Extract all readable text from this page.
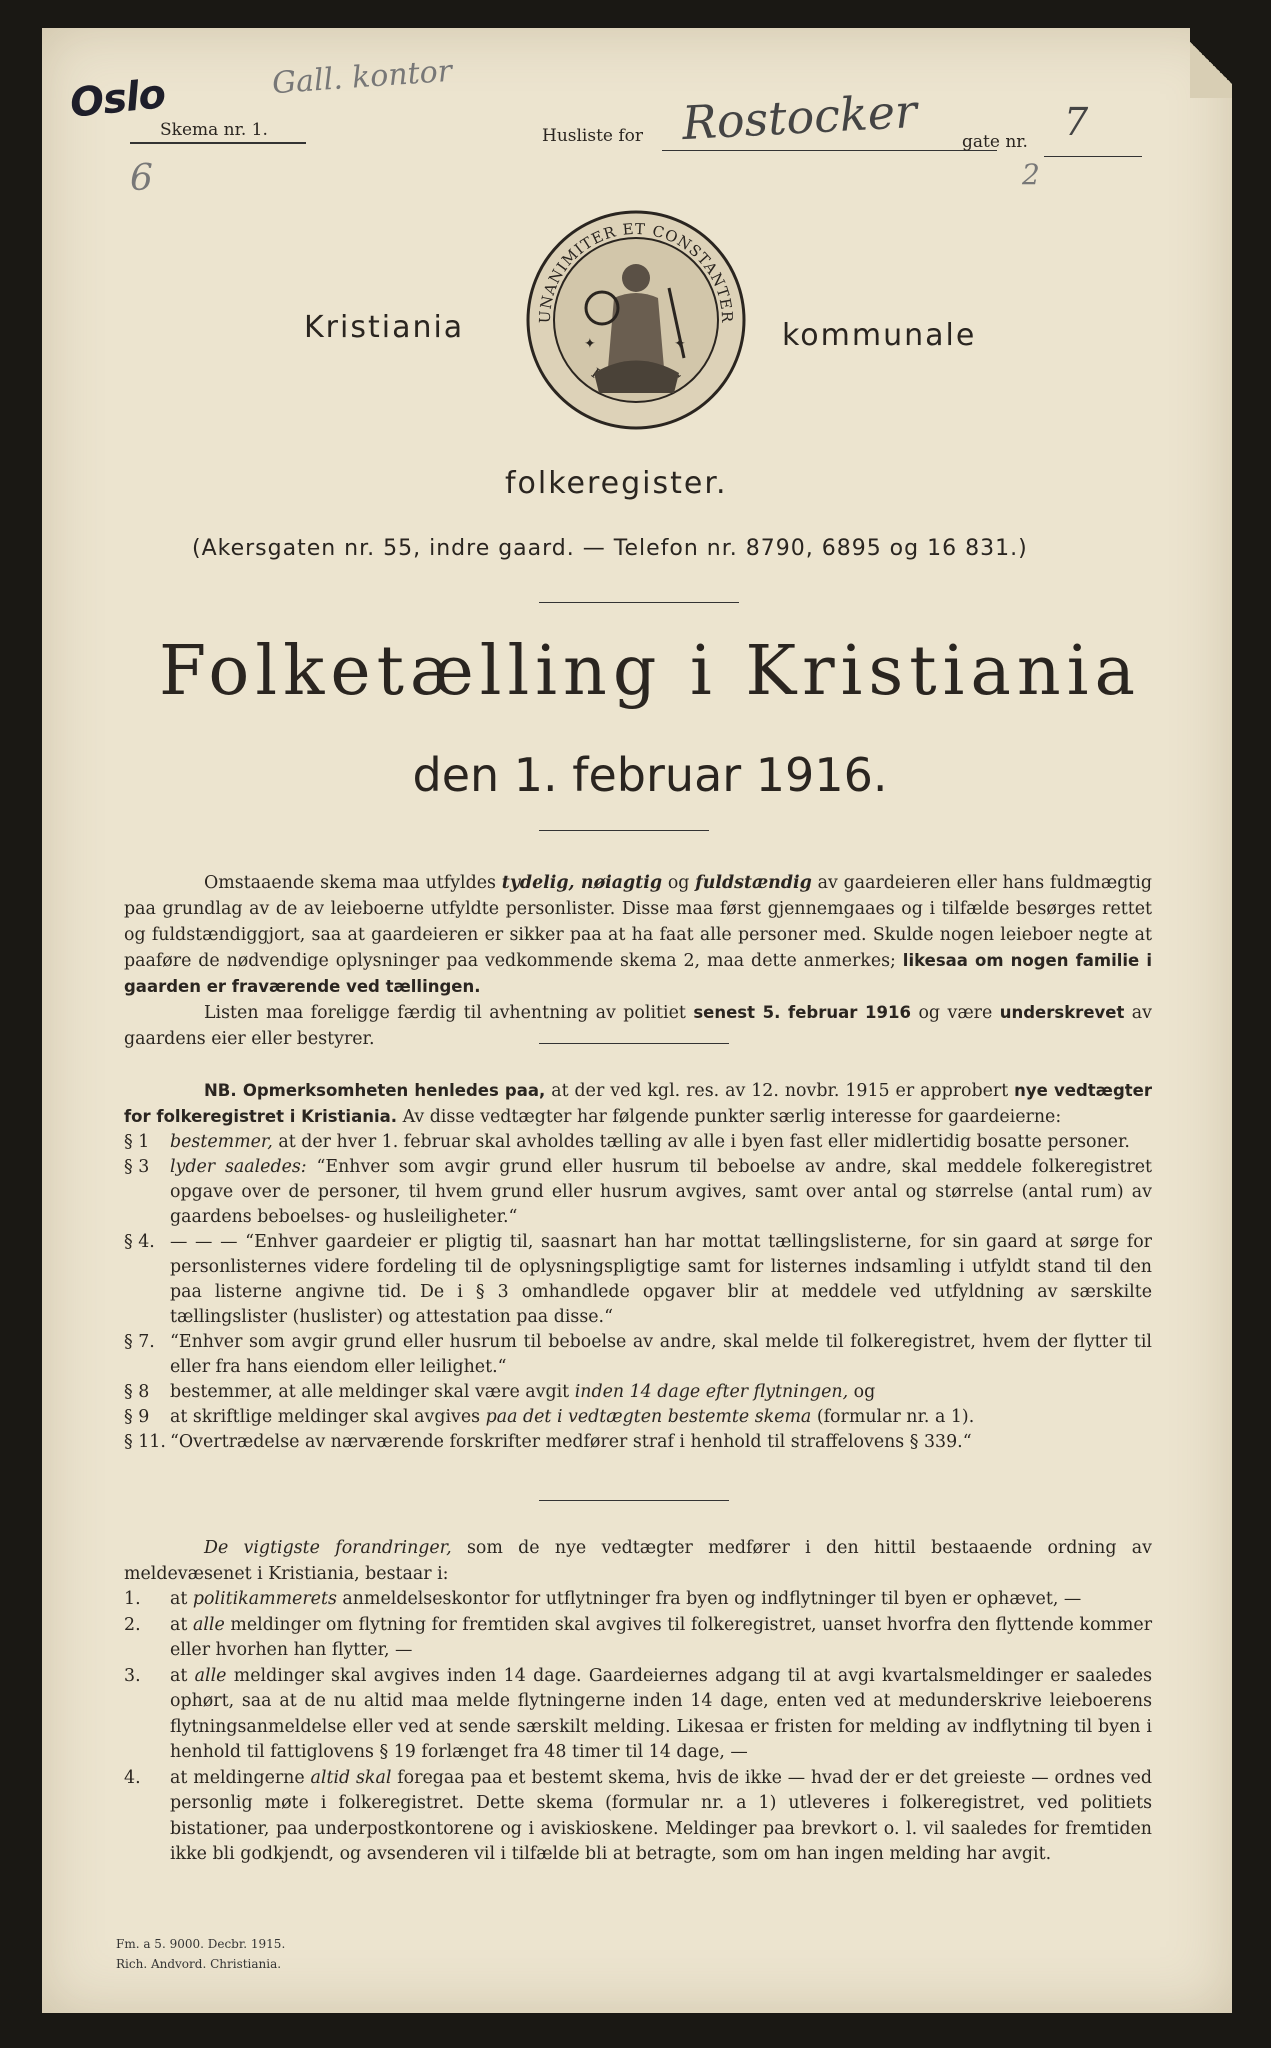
Oslo	Gall. kontor
6	2
Skema nr. 1.	Husliste for Rostocker	gate nr. 7
Kristiania	UNANIMITER ET CONSTANTER
✦	✦	kommunale
folkeregister.
(Akersgaten nr. 55, indre gaard. — Telefon nr. 8790, 6895 og 16 831.)
Folketælling i Kristiania
den 1. februar 1916.

Omstaaende skema maa utfyldes tydelig, nøiagtig og fuldstændig av gaardeieren eller hans fuldmægtig paa grundlag av de av leieboerne utfyldte personlister. Disse maa først gjennemgaaes og i tilfælde besørges rettet og fuldstændiggjort, saa at gaardeieren er sikker paa at ha faat alle personer med. Skulde nogen leieboer negte at paaføre de nødvendige oplysninger paa vedkommende skema 2, maa dette anmerkes; likesaa om nogen familie i gaarden er fraværende ved tællingen.

Listen maa foreligge færdig til avhentning av politiet senest 5. februar 1916 og være underskrevet av gaardens eier eller bestyrer.

NB. Opmerksomheten henledes paa, at der ved kgl. res. av 12. novbr. 1915 er approbert nye vedtægter for folkeregistret i Kristiania. Av disse vedtægter har følgende punkter særlig interesse for gaardeierne:

§ 1	bestemmer, at der hver 1. februar skal avholdes tælling av alle i byen fast eller midlertidig bosatte personer.
§ 3	lyder saaledes: “Enhver som avgir grund eller husrum til beboelse av andre, skal meddele folkeregistret opgave over de personer, til hvem grund eller husrum avgives, samt over antal og størrelse (antal rum) av gaardens beboelses- og husleiligheter.“
§ 4. — — — “Enhver gaardeier er pligtig til, saasnart han har mottat tællingslisterne, for sin gaard at sørge for personlisternes videre fordeling til de oplysningspligtige samt for listernes indsamling i utfyldt stand til den paa listerne angivne tid. De i § 3 omhandlede opgaver blir at meddele ved utfyldning av særskilte tællingslister (huslister) og attestation paa disse.“
§ 7. “Enhver som avgir grund eller husrum til beboelse av andre, skal melde til folkeregistret, hvem der flytter til eller fra hans eiendom eller leilighet.“
§ 8	bestemmer, at alle meldinger skal være avgit inden 14 dage efter flytningen, og
§ 9	at skriftlige meldinger skal avgives paa det i vedtægten bestemte skema (formular nr. a 1).
§ 11. “Overtrædelse av nærværende forskrifter medfører straf i henhold til straffelovens § 339.“

De vigtigste forandringer, som de nye vedtægter medfører i den hittil bestaaende ordning av meldevæsenet i Kristiania, bestaar i:

1.	at politikammerets anmeldelseskontor for utflytninger fra byen og indflytninger til byen er ophævet, —
2.	at alle meldinger om flytning for fremtiden skal avgives til folkeregistret, uanset hvorfra den flyttende kommer eller hvorhen han flytter, —
3.	at alle meldinger skal avgives inden 14 dage. Gaardeiernes adgang til at avgi kvartalsmeldinger er saaledes ophørt, saa at de nu altid maa melde flytningerne inden 14 dage, enten ved at medunderskrive leieboerens flytningsanmeldelse eller ved at sende særskilt melding. Likesaa er fristen for melding av indflytning til byen i henhold til fattiglovens § 19 forlænget fra 48 timer til 14 dage, —
4.	at meldingerne altid skal foregaa paa et bestemt skema, hvis de ikke — hvad der er det greieste — ordnes ved personlig møte i folkeregistret. Dette skema (formular nr. a 1) utleveres i folkeregistret, ved politiets bistationer, paa underpostkontorene og i aviskioskene. Meldinger paa brevkort o. l. vil saaledes for fremtiden ikke bli godkjendt, og avsenderen vil i tilfælde bli at betragte, som om han ingen melding har avgit.
Fm. a 5. 9000. Decbr. 1915.
Rich. Andvord. Christiania.
